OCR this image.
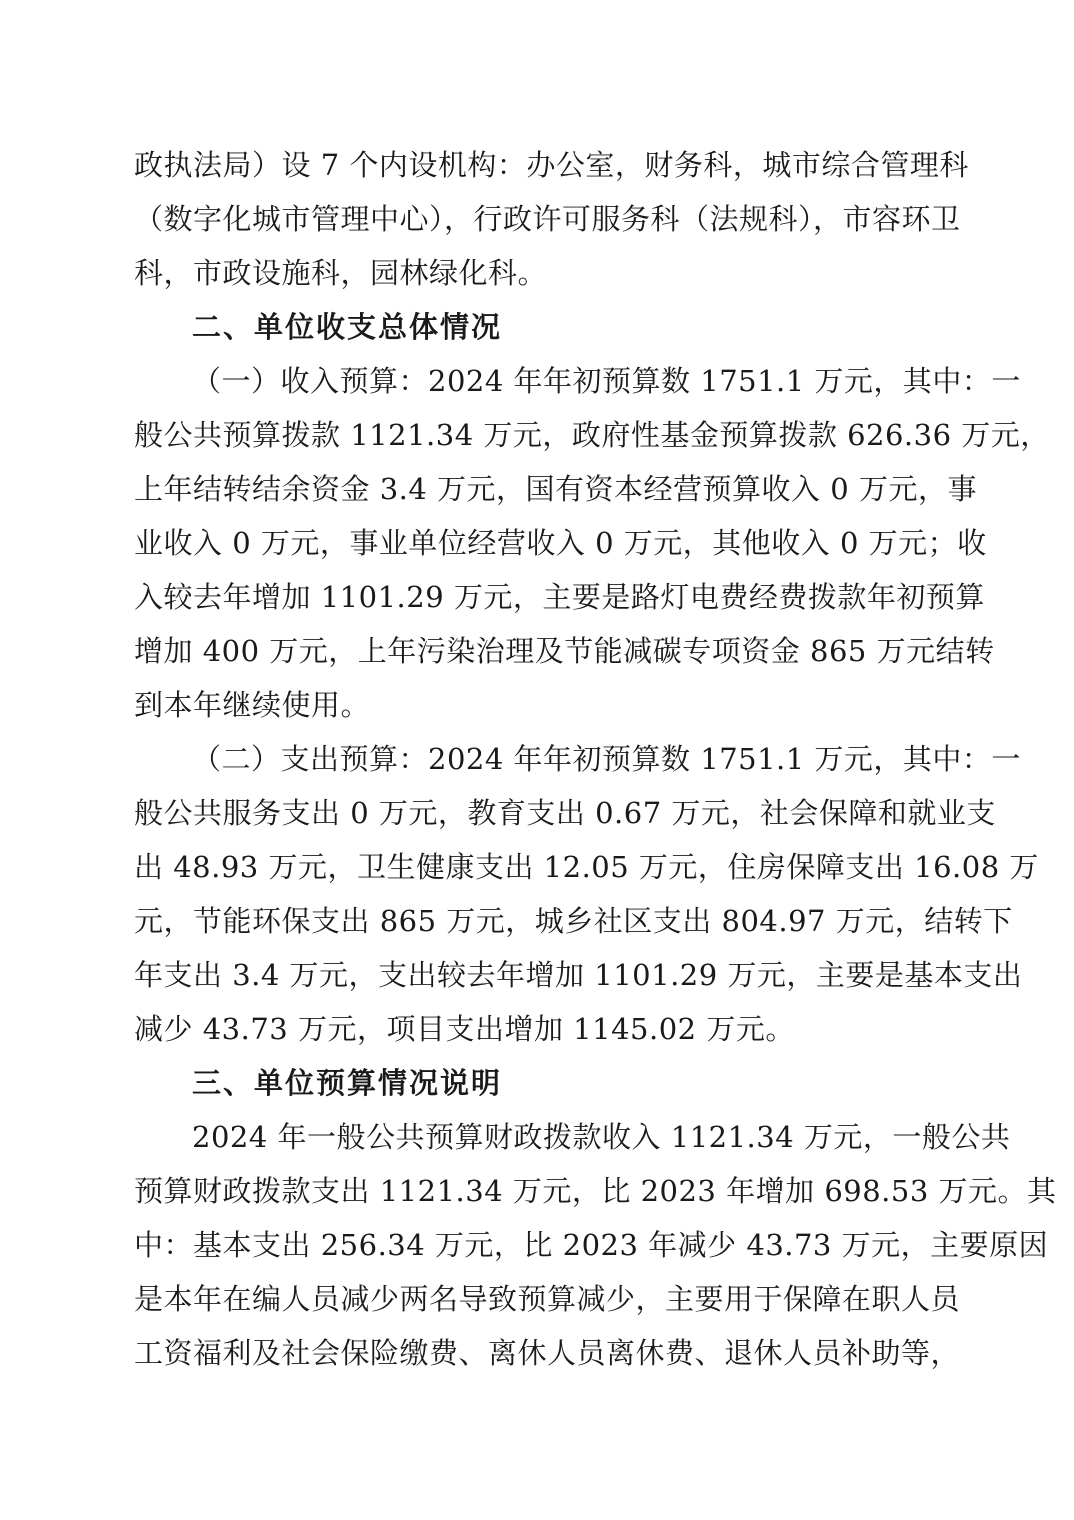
政执法局）设 7 个内设机构：办公室，财务科，城市综合管理科
（数字化城市管理中心），行政许可服务科（法规科），市容环卫
科，市政设施科，园林绿化科。
二、单位收支总体情况
（一）收入预算：2024 年年初预算数 1751.1 万元，其中：一
般公共预算拨款 1121.34 万元，政府性基金预算拨款 626.36 万元，
上年结转结余资金 3.4 万元，国有资本经营预算收入 0 万元，事
业收入 0 万元，事业单位经营收入 0 万元，其他收入 0 万元；收
入较去年增加 1101.29 万元，主要是路灯电费经费拨款年初预算
增加 400 万元，上年污染治理及节能减碳专项资金 865 万元结转
到本年继续使用。
（二）支出预算：2024 年年初预算数 1751.1 万元，其中：一
般公共服务支出 0 万元，教育支出 0.67 万元，社会保障和就业支
出 48.93 万元，卫生健康支出 12.05 万元，住房保障支出 16.08 万
元，节能环保支出 865 万元，城乡社区支出 804.97 万元，结转下
年支出 3.4 万元，支出较去年增加 1101.29 万元，主要是基本支出
减少 43.73 万元，项目支出增加 1145.02 万元。
三、单位预算情况说明
2024 年一般公共预算财政拨款收入 1121.34 万元，一般公共
预算财政拨款支出 1121.34 万元，比 2023 年增加 698.53 万元。其
中：基本支出 256.34 万元，比 2023 年减少 43.73 万元，主要原因
是本年在编人员减少两名导致预算减少，主要用于保障在职人员
工资福利及社会保险缴费、离休人员离休费、退休人员补助等，
